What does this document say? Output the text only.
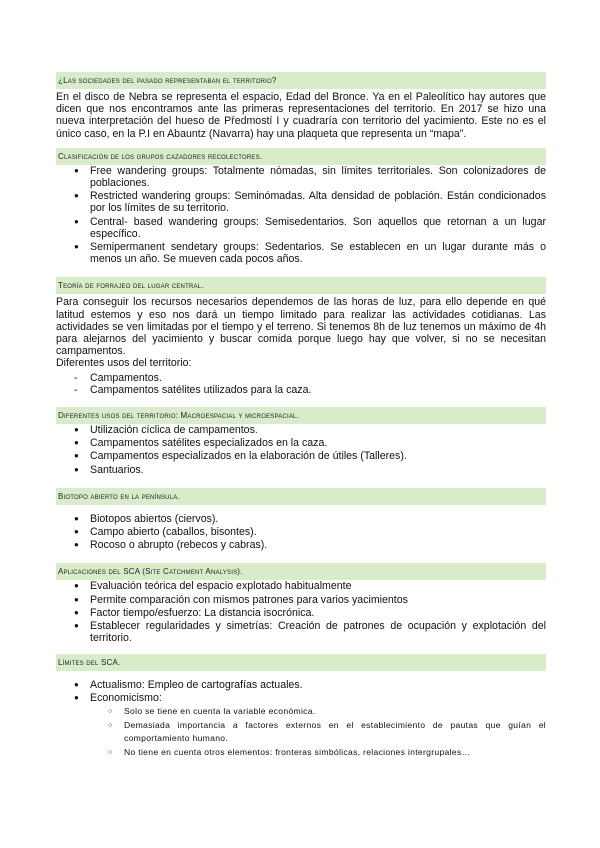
¿Las sociedades del pasado representaban el territorio?

En el disco de Nebra se representa el espacio, Edad del Bronce. Ya en el Paleolítico hay autores que dicen que nos encontramos ante las primeras representaciones del territorio. En 2017 se hizo una nueva interpretación del hueso de Předmostí I y cuadraría con territorio del yacimiento. Este no es el único caso, en la P.I en Abauntz (Navarra) hay una plaqueta que representa un “mapa”.

Clasificación de los grupos cazadores recolectores.
● Free wandering groups: Totalmente nómadas, sin límites territoriales. Son colonizadores de poblaciones.
● Restricted wandering groups: Seminómadas. Alta densidad de población. Están condicionados por los límites de su territorio.
● Central- based wandering groups: Semisedentarios. Son aquellos que retornan a un lugar específico.
● Semipermanent sendetary groups: Sedentarios. Se establecen en un lugar durante más o menos un año. Se mueven cada pocos años.
Teoría de forrajeo del lugar central.

Para conseguir los recursos necesarios dependemos de las horas de luz, para ello depende en qué latitud estemos y eso nos dará un tiempo limitado para realizar las actividades cotidianas. Las actividades se ven limitadas por el tiempo y el terreno. Si tenemos 8h de luz tenemos un máximo de 4h para alejarnos del yacimiento y buscar comida porque luego hay que volver, si no se necesitan campamentos.

Diferentes usos del territorio:
- Campamentos.
- Campamentos satélites utilizados para la caza.
Diferentes usos del territorio: Macroespacial y microespacial.
● Utilización cíclica de campamentos.
● Campamentos satélites especializados en la caza.
● Campamentos especializados en la elaboración de útiles (Talleres).
● Santuarios.
Biotopo abierto en la península.
● Biotopos abiertos (ciervos).
● Campo abierto (caballos, bisontes).
● Rocoso o abrupto (rebecos y cabras).
Aplicaciones del SCA (Site Catchment Analysis).
● Evaluación teórica del espacio explotado habitualmente
● Permite comparación con mismos patrones para varios yacimientos
● Factor tiempo/esfuerzo: La distancia isocrónica.
● Establecer regularidades y simetrías: Creación de patrones de ocupación y explotación del territorio.
Límites del SCA.
● Actualismo: Empleo de cartografías actuales.
● Economicismo:
○ Solo se tiene en cuenta la variable económica.
○ Demasiada importancia a factores externos en el establecimiento de pautas que guían el comportamiento humano.
○ No tiene en cuenta otros elementos: fronteras simbólicas, relaciones intergrupales…
